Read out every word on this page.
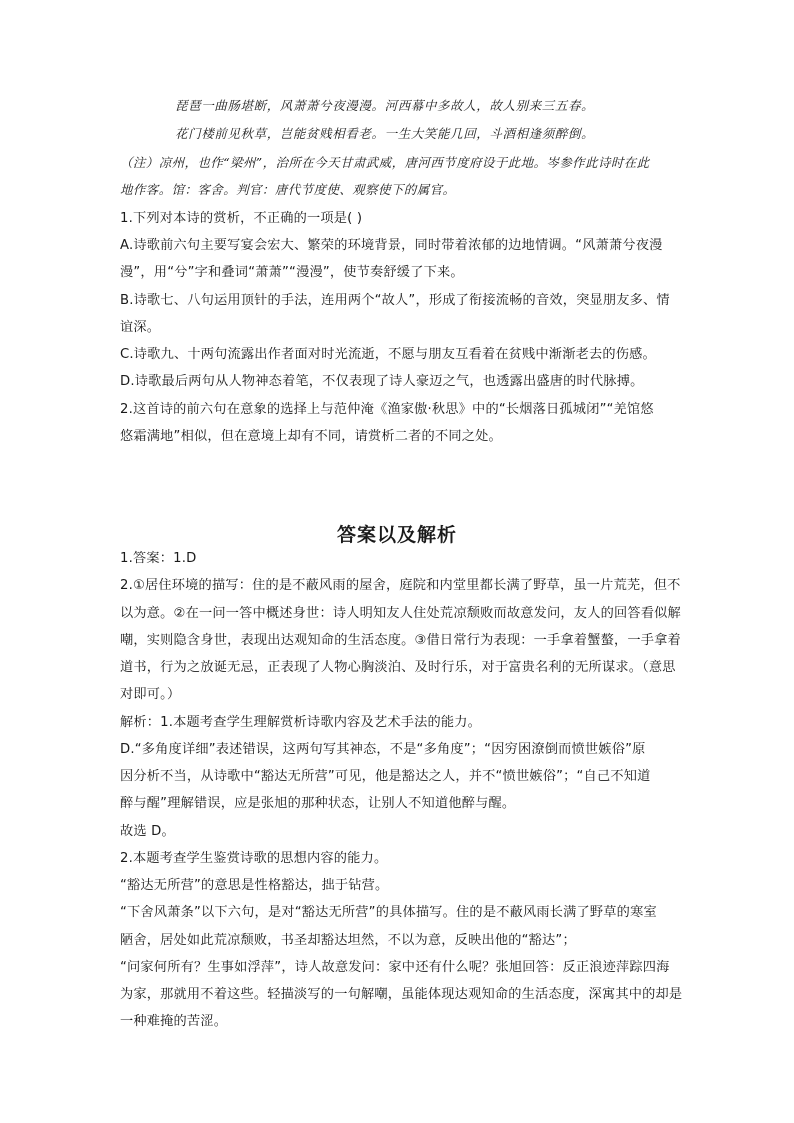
琵琶一曲肠堪断，风萧萧兮夜漫漫。河西幕中多故人，故人别来三五春。
花门楼前见秋草，岂能贫贱相看老。一生大笑能几回，斗酒相逢须醉倒。
（注）凉州，也作“梁州”，治所在今天甘肃武威，唐河西节度府设于此地。岑参作此诗时在此
地作客。馆：客舍。判官：唐代节度使、观察使下的属官。
1.下列对本诗的赏析，不正确的一项是( )
A.诗歌前六句主要写宴会宏大、繁荣的环境背景，同时带着浓郁的边地情调。“风萧萧兮夜漫
漫”，用“兮”字和叠词“萧萧”“漫漫”，使节奏舒缓了下来。
B.诗歌七、八句运用顶针的手法，连用两个“故人”，形成了衔接流畅的音效，突显朋友多、情
谊深。
C.诗歌九、十两句流露出作者面对时光流逝，不愿与朋友互看着在贫贱中渐渐老去的伤感。
D.诗歌最后两句从人物神态着笔，不仅表现了诗人豪迈之气，也透露出盛唐的时代脉搏。
2.这首诗的前六句在意象的选择上与范仲淹《渔家傲·秋思》中的“长烟落日孤城闭”“羌馆悠
悠霜满地”相似，但在意境上却有不同，请赏析二者的不同之处。
答案以及解析
1.答案：1.D
2.①居住环境的描写：住的是不蔽风雨的屋舍，庭院和内堂里都长满了野草，虽一片荒芜，但不
以为意。②在一问一答中概述身世：诗人明知友人住处荒凉颓败而故意发问，友人的回答看似解
嘲，实则隐含身世，表现出达观知命的生活态度。③借日常行为表现：一手拿着蟹螯，一手拿着
道书，行为之放诞无忌，正表现了人物心胸淡泊、及时行乐，对于富贵名利的无所谋求。（意思
对即可。）
解析：1.本题考查学生理解赏析诗歌内容及艺术手法的能力。
D.“多角度详细”表述错误，这两句写其神态，不是“多角度”；“因穷困潦倒而愤世嫉俗”原
因分析不当，从诗歌中“豁达无所营”可见，他是豁达之人，并不“愤世嫉俗”；“自己不知道
醉与醒”理解错误，应是张旭的那种状态，让别人不知道他醉与醒。
故选 D。
2.本题考查学生鉴赏诗歌的思想内容的能力。
“豁达无所营”的意思是性格豁达，拙于钻营。
“下舍风萧条”以下六句，是对“豁达无所营”的具体描写。住的是不蔽风雨长满了野草的寒室
陋舍，居处如此荒凉颓败，书圣却豁达坦然，不以为意，反映出他的“豁达”；
“问家何所有？生事如浮萍”，诗人故意发问：家中还有什么呢？张旭回答：反正浪迹萍踪四海
为家，那就用不着这些。轻描淡写的一句解嘲，虽能体现达观知命的生活态度，深寓其中的却是
一种难掩的苦涩。
